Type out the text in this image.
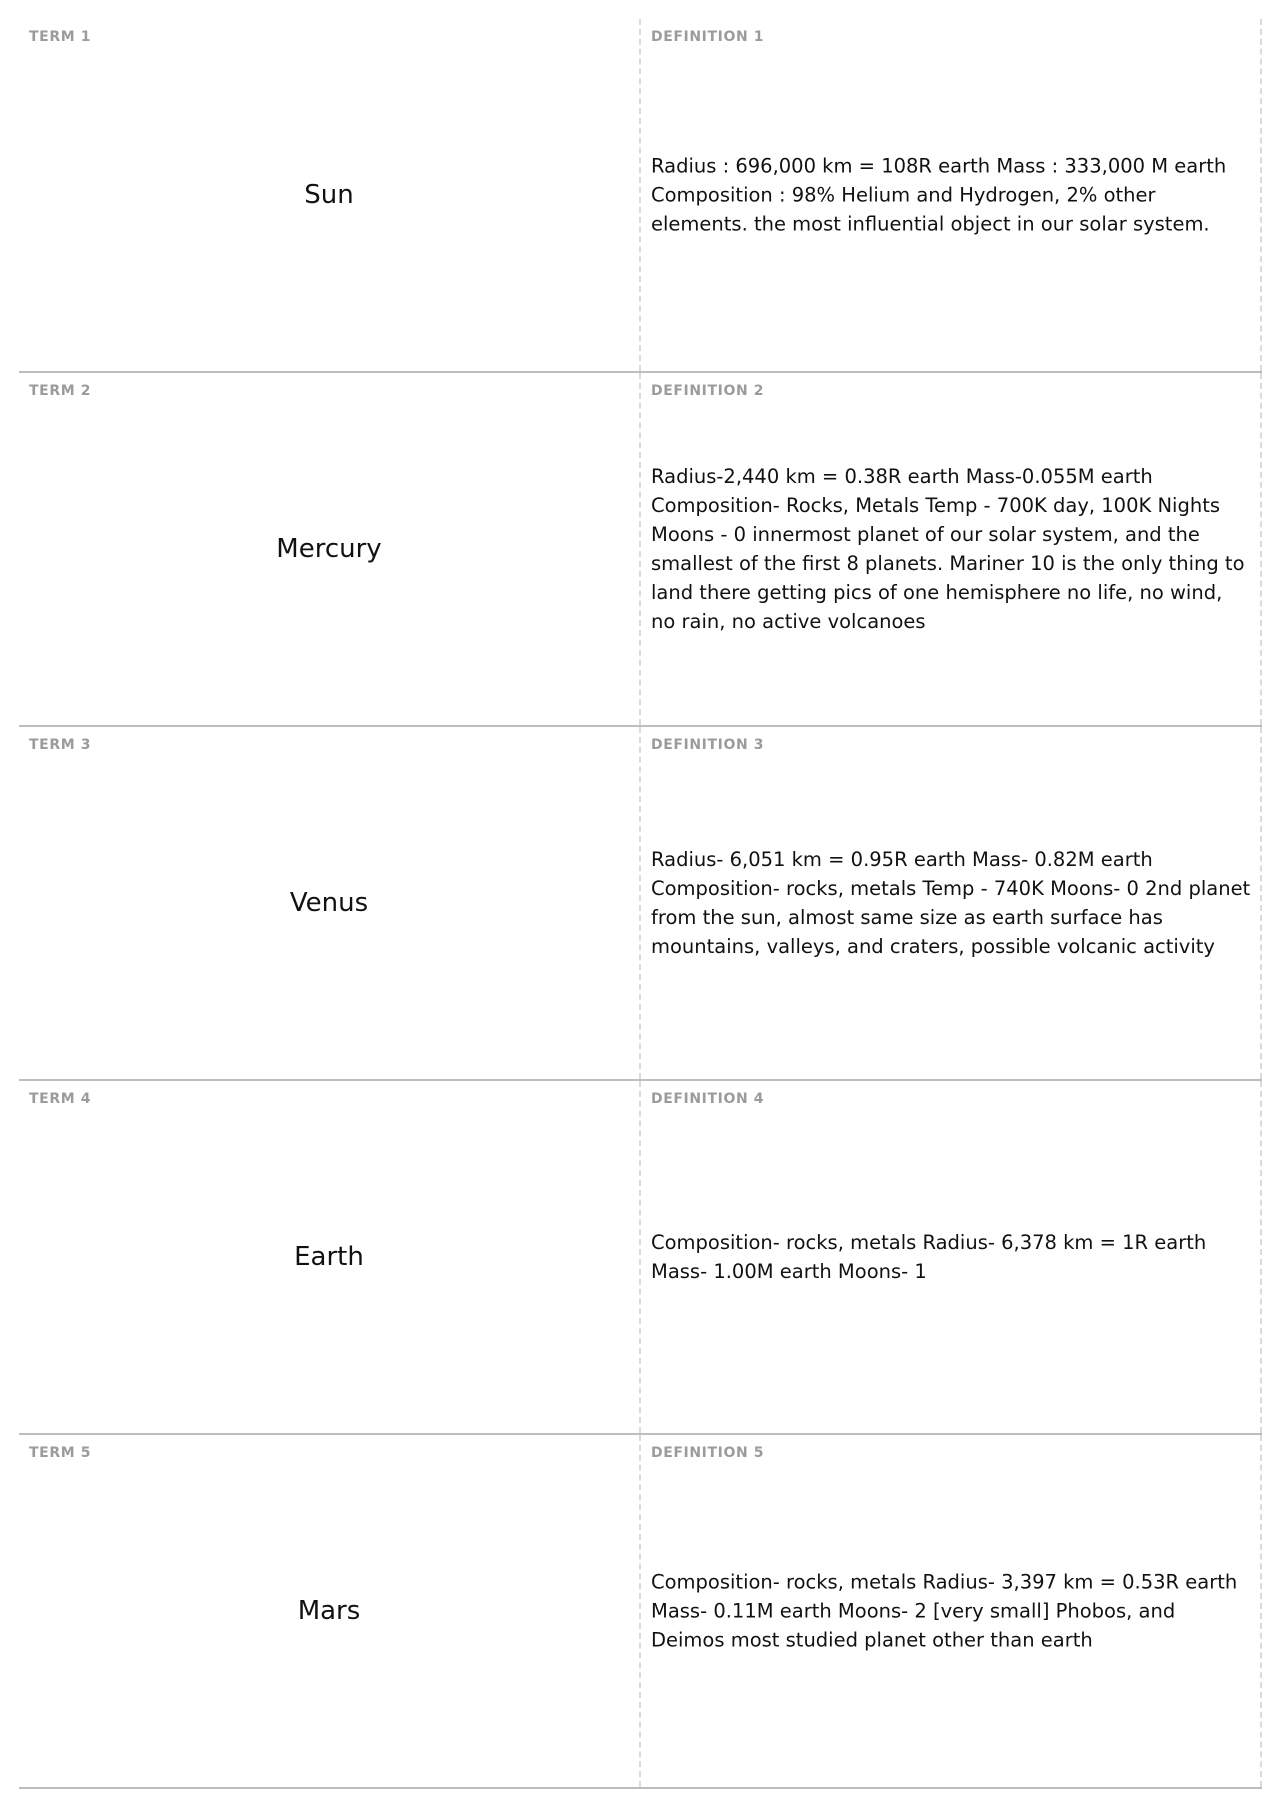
TERM 1
Sun
DEFINITION 1
Radius : 696,000 km = 108R earth Mass : 333,000 M earth Composition : 98% Helium and Hydrogen, 2% other elements. the most influential object in our solar system.
TERM 2
Mercury
DEFINITION 2
Radius-2,440 km = 0.38R earth Mass-0.055M earth Composition- Rocks, Metals Temp - 700K day, 100K Nights Moons - 0 innermost planet of our solar system, and the smallest of the first 8 planets. Mariner 10 is the only thing to land there getting pics of one hemisphere no life, no wind, no rain, no active volcanoes
TERM 3
Venus
DEFINITION 3
Radius- 6,051 km = 0.95R earth Mass- 0.82M earth Composition- rocks, metals Temp - 740K Moons- 0 2nd planet from the sun, almost same size as earth surface has mountains, valleys, and craters, possible volcanic activity
TERM 4
Earth
DEFINITION 4
Composition- rocks, metals Radius- 6,378 km = 1R earth Mass- 1.00M earth Moons- 1
TERM 5
Mars
DEFINITION 5
Composition- rocks, metals Radius- 3,397 km = 0.53R earth Mass- 0.11M earth Moons- 2 [very small] Phobos, and Deimos most studied planet other than earth
